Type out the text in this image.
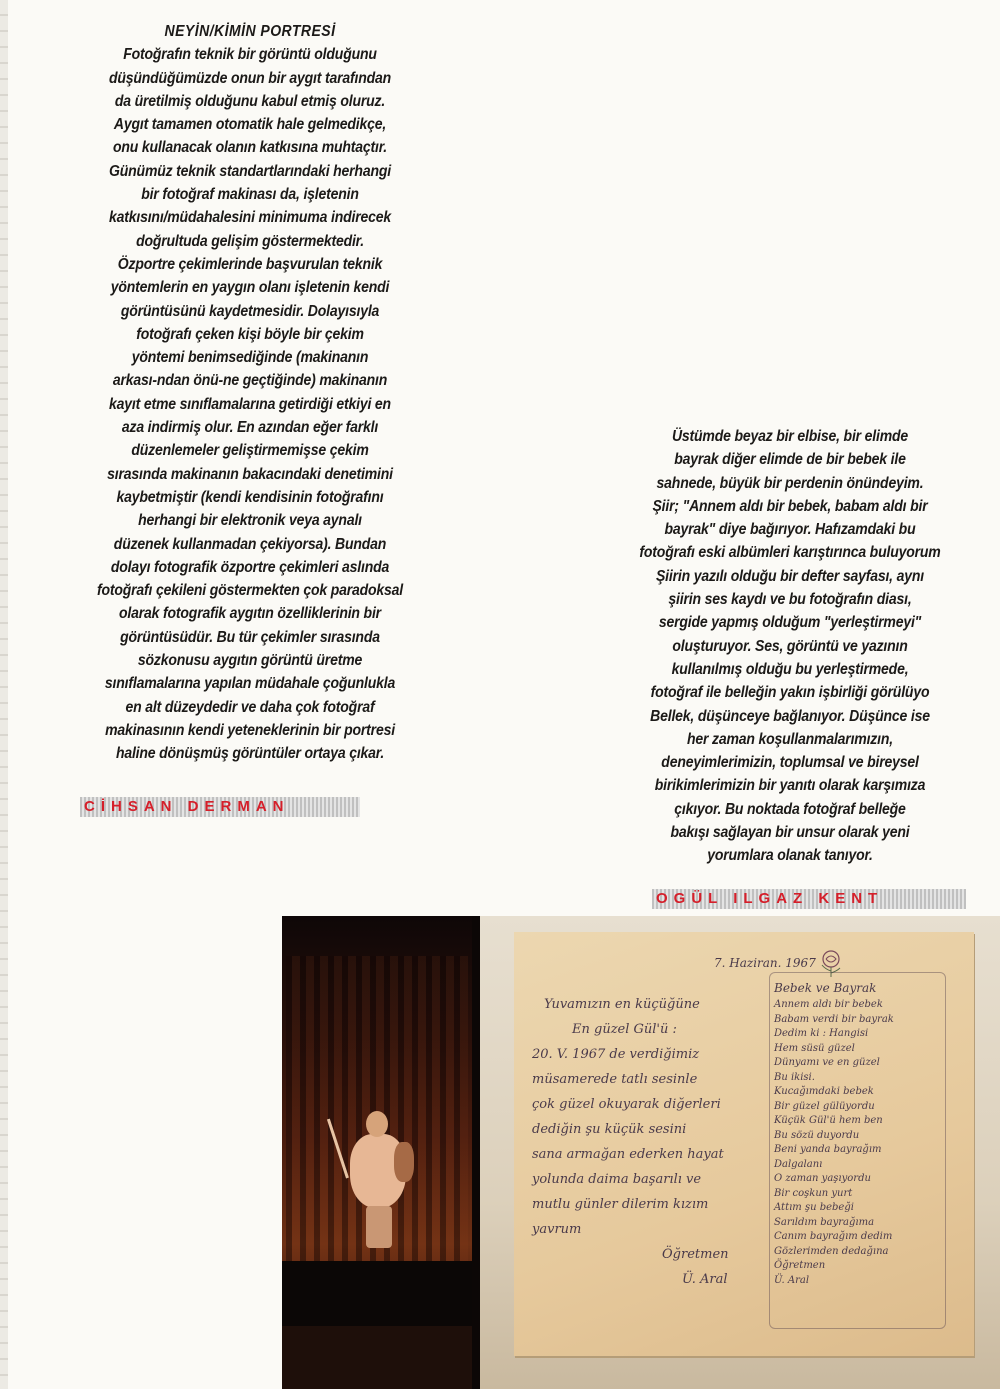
NEYİN/KİMİN PORTRESİ
Fotoğrafın teknik bir görüntü olduğunu
düşündüğümüzde onun bir aygıt tarafından
da üretilmiş olduğunu kabul etmiş oluruz.
Aygıt tamamen otomatik hale gelmedikçe,
onu kullanacak olanın katkısına muhtaçtır.
Günümüz teknik standartlarındaki herhangi
bir fotoğraf makinası da, işletenin
katkısını/müdahalesini minimuma indirecek
doğrultuda gelişim göstermektedir.
Özportre çekimlerinde başvurulan teknik
yöntemlerin en yaygın olanı işletenin kendi
görüntüsünü kaydetmesidir. Dolayısıyla
fotoğrafı çeken kişi böyle bir çekim
yöntemi benimsediğinde (makinanın
arkası-ndan önü-ne geçtiğinde) makinanın
kayıt etme sınıflamalarına getirdiği etkiyi en
aza indirmiş olur. En azından eğer farklı
düzenlemeler geliştirmemişse çekim
sırasında makinanın bakacındaki denetimini
kaybetmiştir (kendi kendisinin fotoğrafını
herhangi bir elektronik veya aynalı
düzenek kullanmadan çekiyorsa). Bundan
dolayı fotografik özportre çekimleri aslında
fotoğrafı çekileni göstermekten çok paradoksal
olarak fotografik aygıtın özelliklerinin bir
görüntüsüdür. Bu tür çekimler sırasında
sözkonusu aygıtın görüntü üretme
sınıflamalarına yapılan müdahale çoğunlukla
en alt düzeydedir ve daha çok fotoğraf
makinasının kendi yeteneklerinin bir portresi
haline dönüşmüş görüntüler ortaya çıkar.
CİHSAN DERMAN
Üstümde beyaz bir elbise, bir elimde
bayrak diğer elimde de bir bebek ile
sahnede, büyük bir perdenin önündeyim.
Şiir; "Annem aldı bir bebek, babam aldı bir
bayrak" diye bağırıyor. Hafızamdaki bu
fotoğrafı eski albümleri karıştırınca buluyorum
Şiirin yazılı olduğu bir defter sayfası, aynı
şiirin ses kaydı ve bu fotoğrafın diası,
sergide yapmış olduğum "yerleştirmeyi"
oluşturuyor. Ses, görüntü ve yazının
kullanılmış olduğu bu yerleştirmede,
fotoğraf ile belleğin yakın işbirliği görülüyo
Bellek, düşünceye bağlanıyor. Düşünce ise
her zaman koşullanmalarımızın,
deneyimlerimizin, toplumsal ve bireysel
birikimlerimizin bir yanıtı olarak karşımıza
çıkıyor. Bu noktada fotoğraf belleğe
bakışı sağlayan bir unsur olarak yeni
yorumlara olanak tanıyor.
OGÜL ILGAZ KENT
7. Haziran. 1967
Yuvamızın en küçüğüne
En güzel Gül'ü :
20. V. 1967 de verdiğimiz
müsamerede tatlı sesinle
çok güzel okuyarak diğerleri
dediğin şu küçük sesini
sana armağan ederken hayat
yolunda daima başarılı ve
mutlu günler dilerim kızım
yavrum
Öğretmen
Ü. Aral
Bebek ve Bayrak
Annem aldı bir bebek
Babam verdi bir bayrak
Dedim ki : Hangisi
Hem süsü güzel
Dünyamı ve en güzel
Bu ikisi.
Kucağımdaki bebek
Bir güzel gülüyordu
Küçük Gül'ü hem ben
Bu sözü duyordu
Beni yanda bayrağım
Dalgalanı
O zaman yaşıyordu
Bir coşkun yurt
Attım şu bebeği
Sarıldım bayrağıma
Canım bayrağım dedim
Gözlerimden dedağına
Öğretmen
Ü. Aral
